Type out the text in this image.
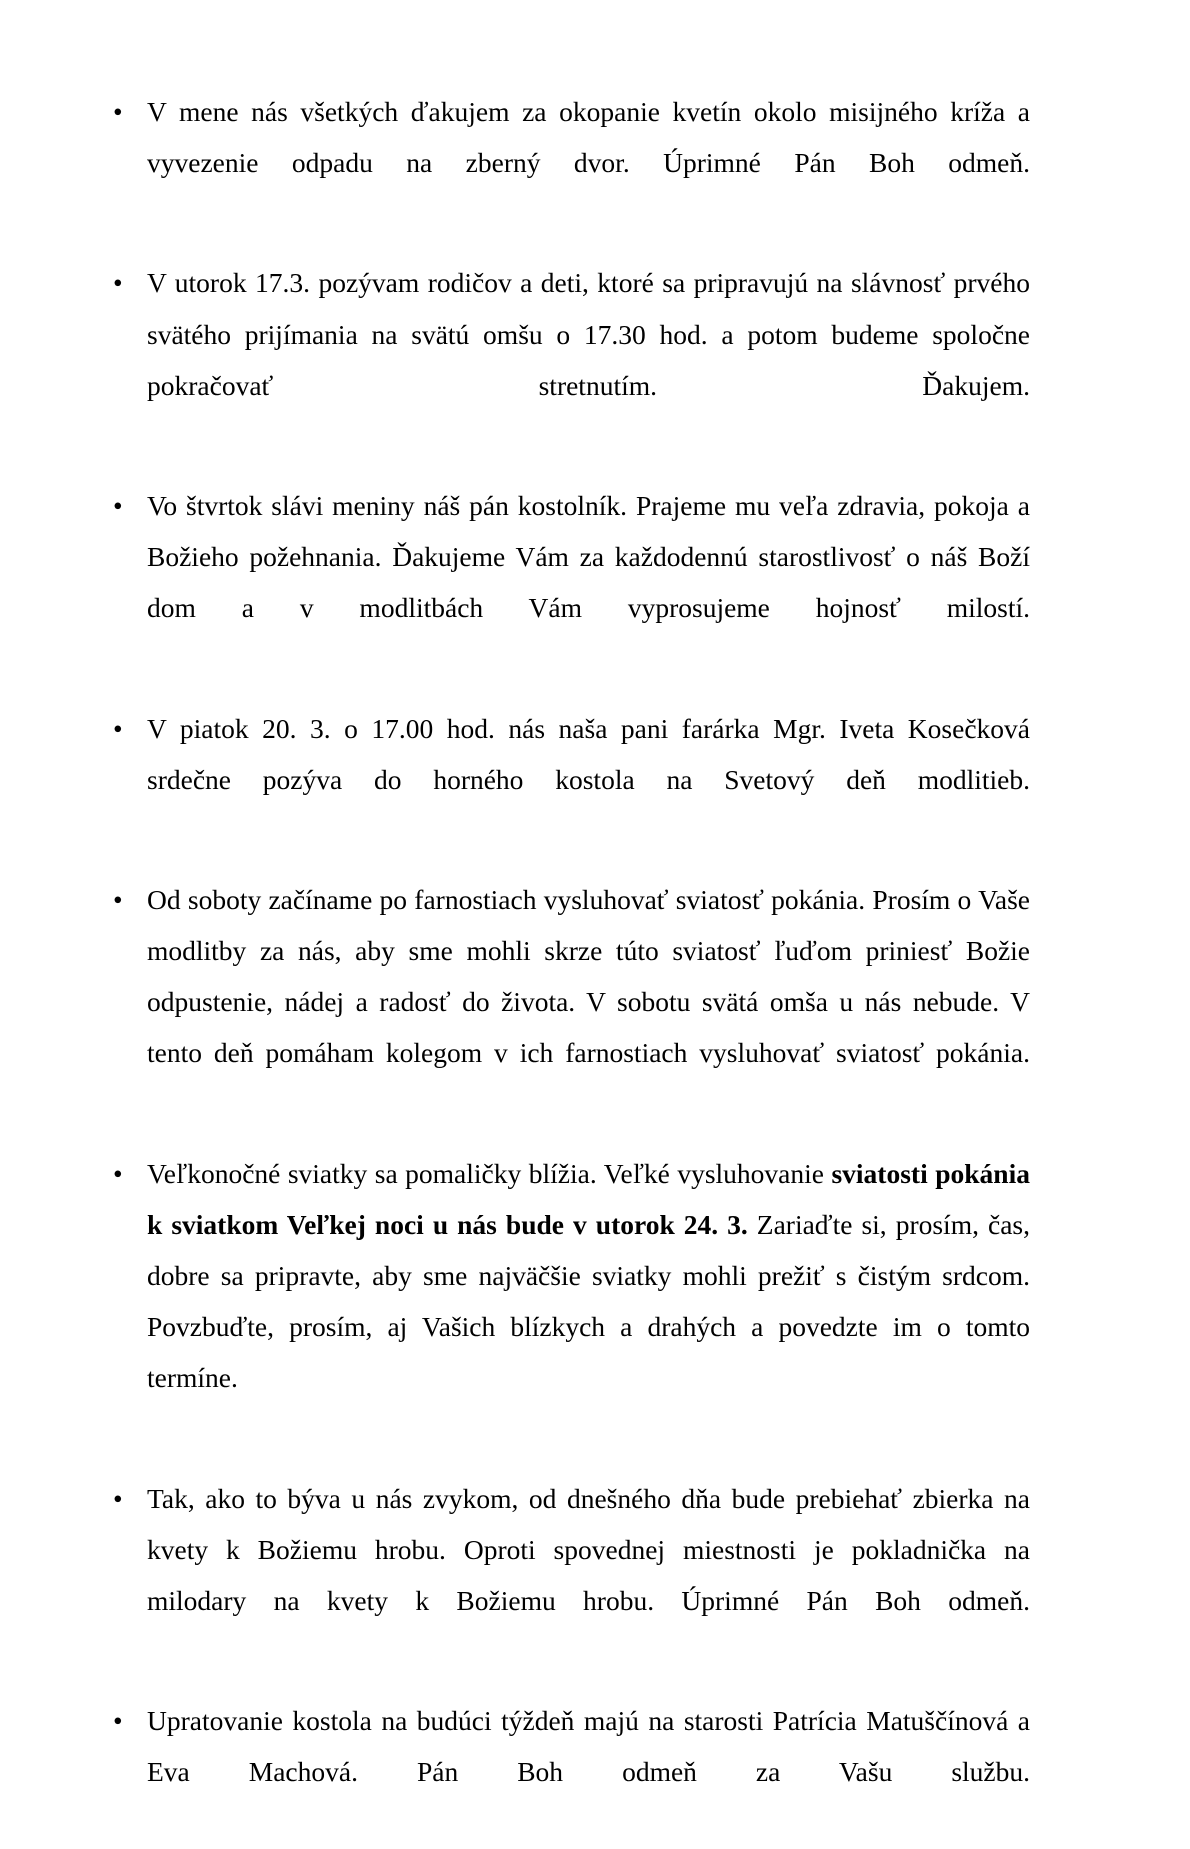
• V mene nás všetkých ďakujem za okopanie kvetín okolo misijného kríža a vyvezenie odpadu na zberný dvor. Úprimné Pán Boh odmeň.
• V utorok 17.3. pozývam rodičov a deti, ktoré sa pripravujú na slávnosť prvého svätého prijímania na svätú omšu o 17.30 hod. a potom budeme spoločne pokračovať stretnutím. Ďakujem.
• Vo štvrtok slávi meniny náš pán kostolník. Prajeme mu veľa zdravia, pokoja a Božieho požehnania. Ďakujeme Vám za každodennú starostlivosť o náš Boží dom a v modlitbách Vám vyprosujeme hojnosť milostí.
• V piatok 20. 3. o 17.00 hod. nás naša pani farárka Mgr. Iveta Kosečková srdečne pozýva do horného kostola na Svetový deň modlitieb.
• Od soboty začíname po farnostiach vysluhovať sviatosť pokánia. Prosím o Vaše modlitby za nás, aby sme mohli skrze túto sviatosť ľuďom priniesť Božie odpustenie, nádej a radosť do života. V sobotu svätá omša u nás nebude. V tento deň pomáham kolegom v ich farnostiach vysluhovať sviatosť pokánia.
• Veľkonočné sviatky sa pomaličky blížia. Veľké vysluhovanie sviatosti pokánia k sviatkom Veľkej noci u nás bude v utorok 24. 3. Zariaďte si, prosím, čas, dobre sa pripravte, aby sme najväčšie sviatky mohli prežiť s čistým srdcom. Povzbuďte, prosím, aj Vašich blízkych a drahých a povedzte im o tomto termíne.
• Tak, ako to býva u nás zvykom, od dnešného dňa bude prebiehať zbierka na kvety k Božiemu hrobu. Oproti spovednej miestnosti je pokladnička na milodary na kvety k Božiemu hrobu. Úprimné Pán Boh odmeň.
• Upratovanie kostola na budúci týždeň majú na starosti Patrícia Matuščínová a Eva Machová. Pán Boh odmeň za Vašu službu.
